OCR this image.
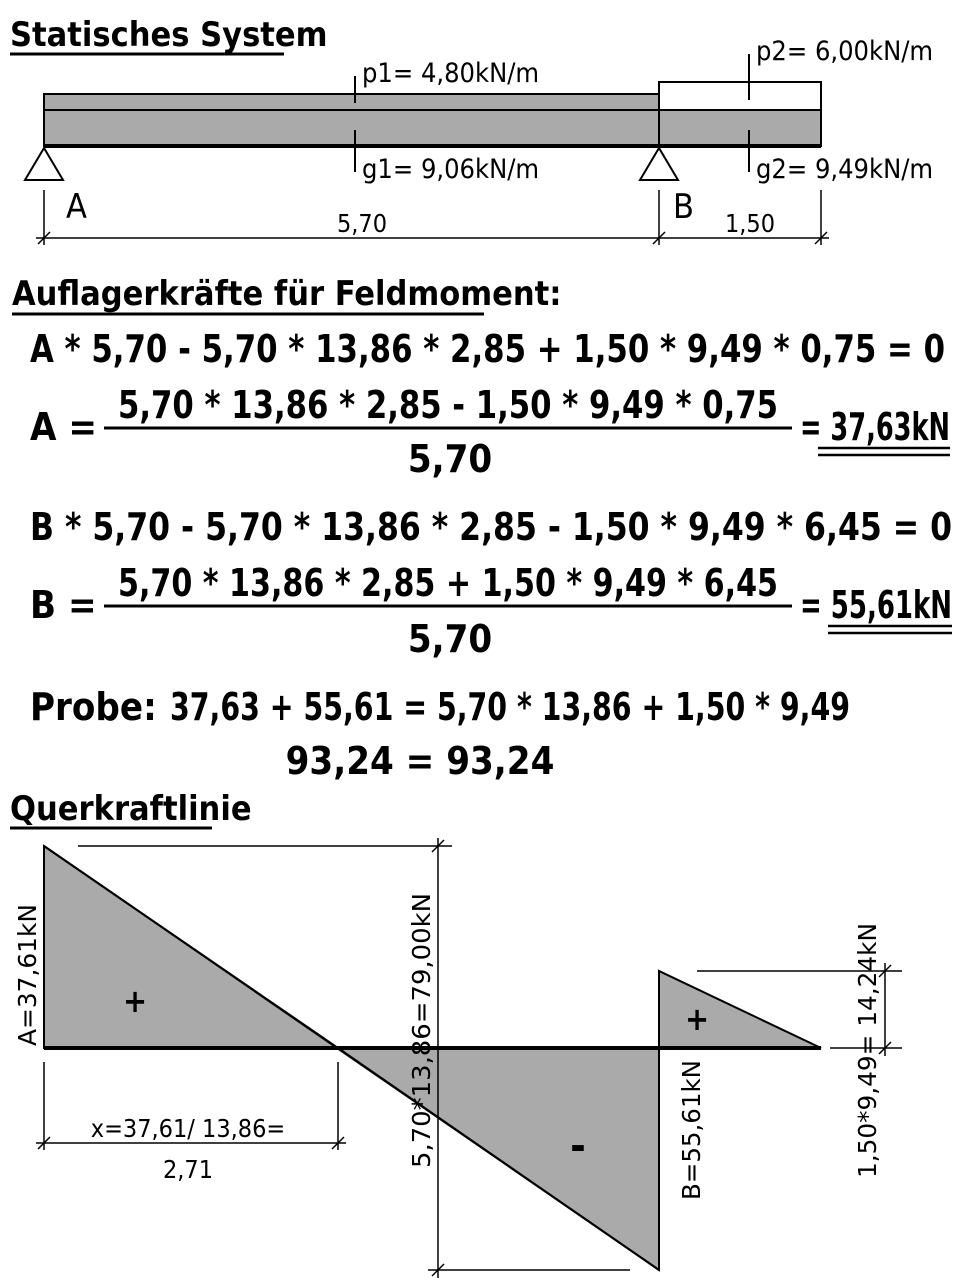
Statisches System
p1= 4,80kN/m
p2= 6,00kN/m
g1= 9,06kN/m	g2= 9,49kN/m
A	B
5,70	1,50
Auflagerkräfte für Feldmoment:
A * 5,70 - 5,70 * 13,86 * 2,85 + 1,50 * 9,49 * 0,75 = 0
A = 5,70 * 13,86 * 2,85 - 1,50 * 9,49 * 0,75
5,70
= 37,63kN
B * 5,70 - 5,70 * 13,86 * 2,85 - 1,50 * 9,49 * 6,45 = 0
B = 5,70 * 13,86 * 2,85 + 1,50 * 9,49 * 6,45
5,70
= 55,61kN
Probe: 37,63 + 55,61 = 5,70 * 13,86 + 1,50 * 9,49
93,24 = 93,24
Querkraftlinie
+
-
+
x=37,61/ 13,86=
2,71
A=37,61kN	5,70*13,86=79,00kN	B=55,61kN	1,50*9,49= 14,24kN
